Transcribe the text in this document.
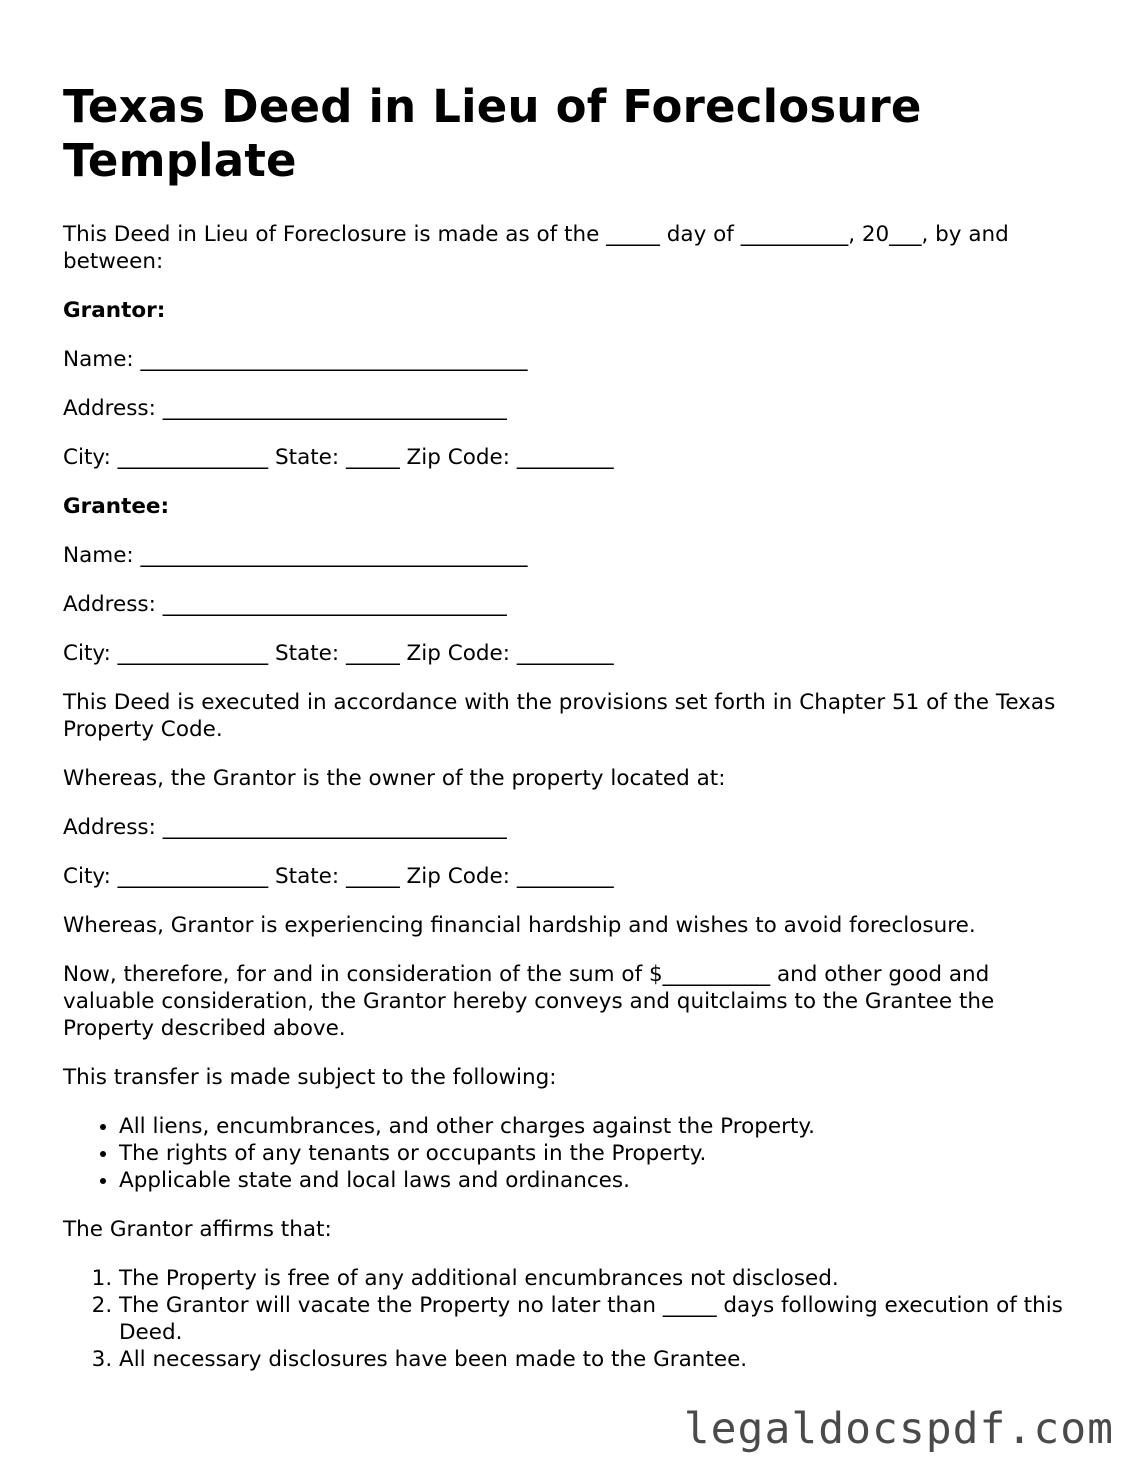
Texas Deed in Lieu of Foreclosure Template

This Deed in Lieu of Foreclosure is made as of the _____ day of __________, 20___, by and between:

Grantor:

Name: ____________________________________

Address: ________________________________

City: ______________ State: _____ Zip Code: _________

Grantee:

Name: ____________________________________

Address: ________________________________

City: ______________ State: _____ Zip Code: _________

This Deed is executed in accordance with the provisions set forth in Chapter 51 of the Texas Property Code.

Whereas, the Grantor is the owner of the property located at:

Address: ________________________________

City: ______________ State: _____ Zip Code: _________

Whereas, Grantor is experiencing financial hardship and wishes to avoid foreclosure.

Now, therefore, for and in consideration of the sum of $__________ and other good and valuable consideration, the Grantor hereby conveys and quitclaims to the Grantee the Property described above.

This transfer is made subject to the following:

• All liens, encumbrances, and other charges against the Property.
• The rights of any tenants or occupants in the Property.
• Applicable state and local laws and ordinances.

The Grantor affirms that:

1. The Property is free of any additional encumbrances not disclosed.
2. The Grantor will vacate the Property no later than _____ days following execution of this Deed.
3. All necessary disclosures have been made to the Grantee.
legaldocspdf.com
